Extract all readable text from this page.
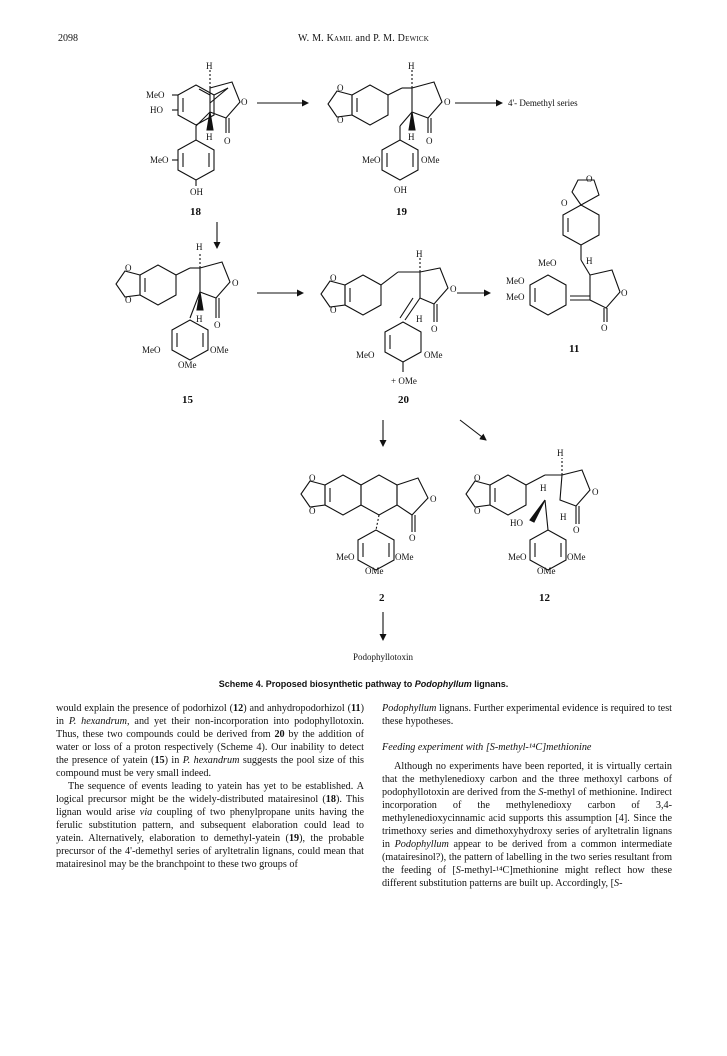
2098	W. M. Kamil and P. M. Dewick
MeO
HO
H
H
O
O
MeO
OH
H
H
O
O
O
O
MeO	OMe
OH
4'- Demethyl series
H
H
O
O
O
O
MeO	OMe
OMe
H
H
O
O
O
O
MeO	OMe
+ OMe
O
O
MeO	H
MeO
MeO	O
O
O
O
O
O
MeO	OMe
OMe
H
H
H
HO
O
O
O
O
MeO	OMe
OMe
18	19
15	20
11
2	12
Podophyllotoxin
Scheme 4. Proposed biosynthetic pathway to Podophyllum lignans.

would explain the presence of podorhizol (12) and anhydropodorhizol (11) in P. hexandrum, and yet their non-incorporation into podophyllotoxin. Thus, these two compounds could be derived from 20 by the addition of water or loss of a proton respectively (Scheme 4). Our inability to detect the presence of yatein (15) in P. hexandrum suggests the pool size of this compound must be very small indeed.

The sequence of events leading to yatein has yet to be established. A logical precursor might be the widely-distributed matairesinol (18). This lignan would arise via coupling of two phenylpropane units having the ferulic substitution pattern, and subsequent elaboration could lead to yatein. Alternatively, elaboration to demethyl-yatein (19), the probable precursor of the 4'-demethyl series of aryltetralin lignans, could mean that matairesinol may be the branchpoint to these two groups of

Podophyllum lignans. Further experimental evidence is required to test these hypotheses.

Feeding experiment with [S-methyl-¹⁴C]methionine

Although no experiments have been reported, it is virtually certain that the methylenedioxy carbon and the three methoxyl carbons of podophyllotoxin are derived from the S-methyl of methionine. Indirect incorporation of the methylenedioxy carbon of 3,4-methylenedioxycinnamic acid supports this assumption [4]. Since the trimethoxy series and dimethoxyhydroxy series of aryltetralin lignans in Podophyllum appear to be derived from a common intermediate (matairesinol?), the pattern of labelling in the two series resultant from the feeding of [S-methyl-¹⁴C]methionine might reflect how these different substitution patterns are built up. Accordingly, [S-
